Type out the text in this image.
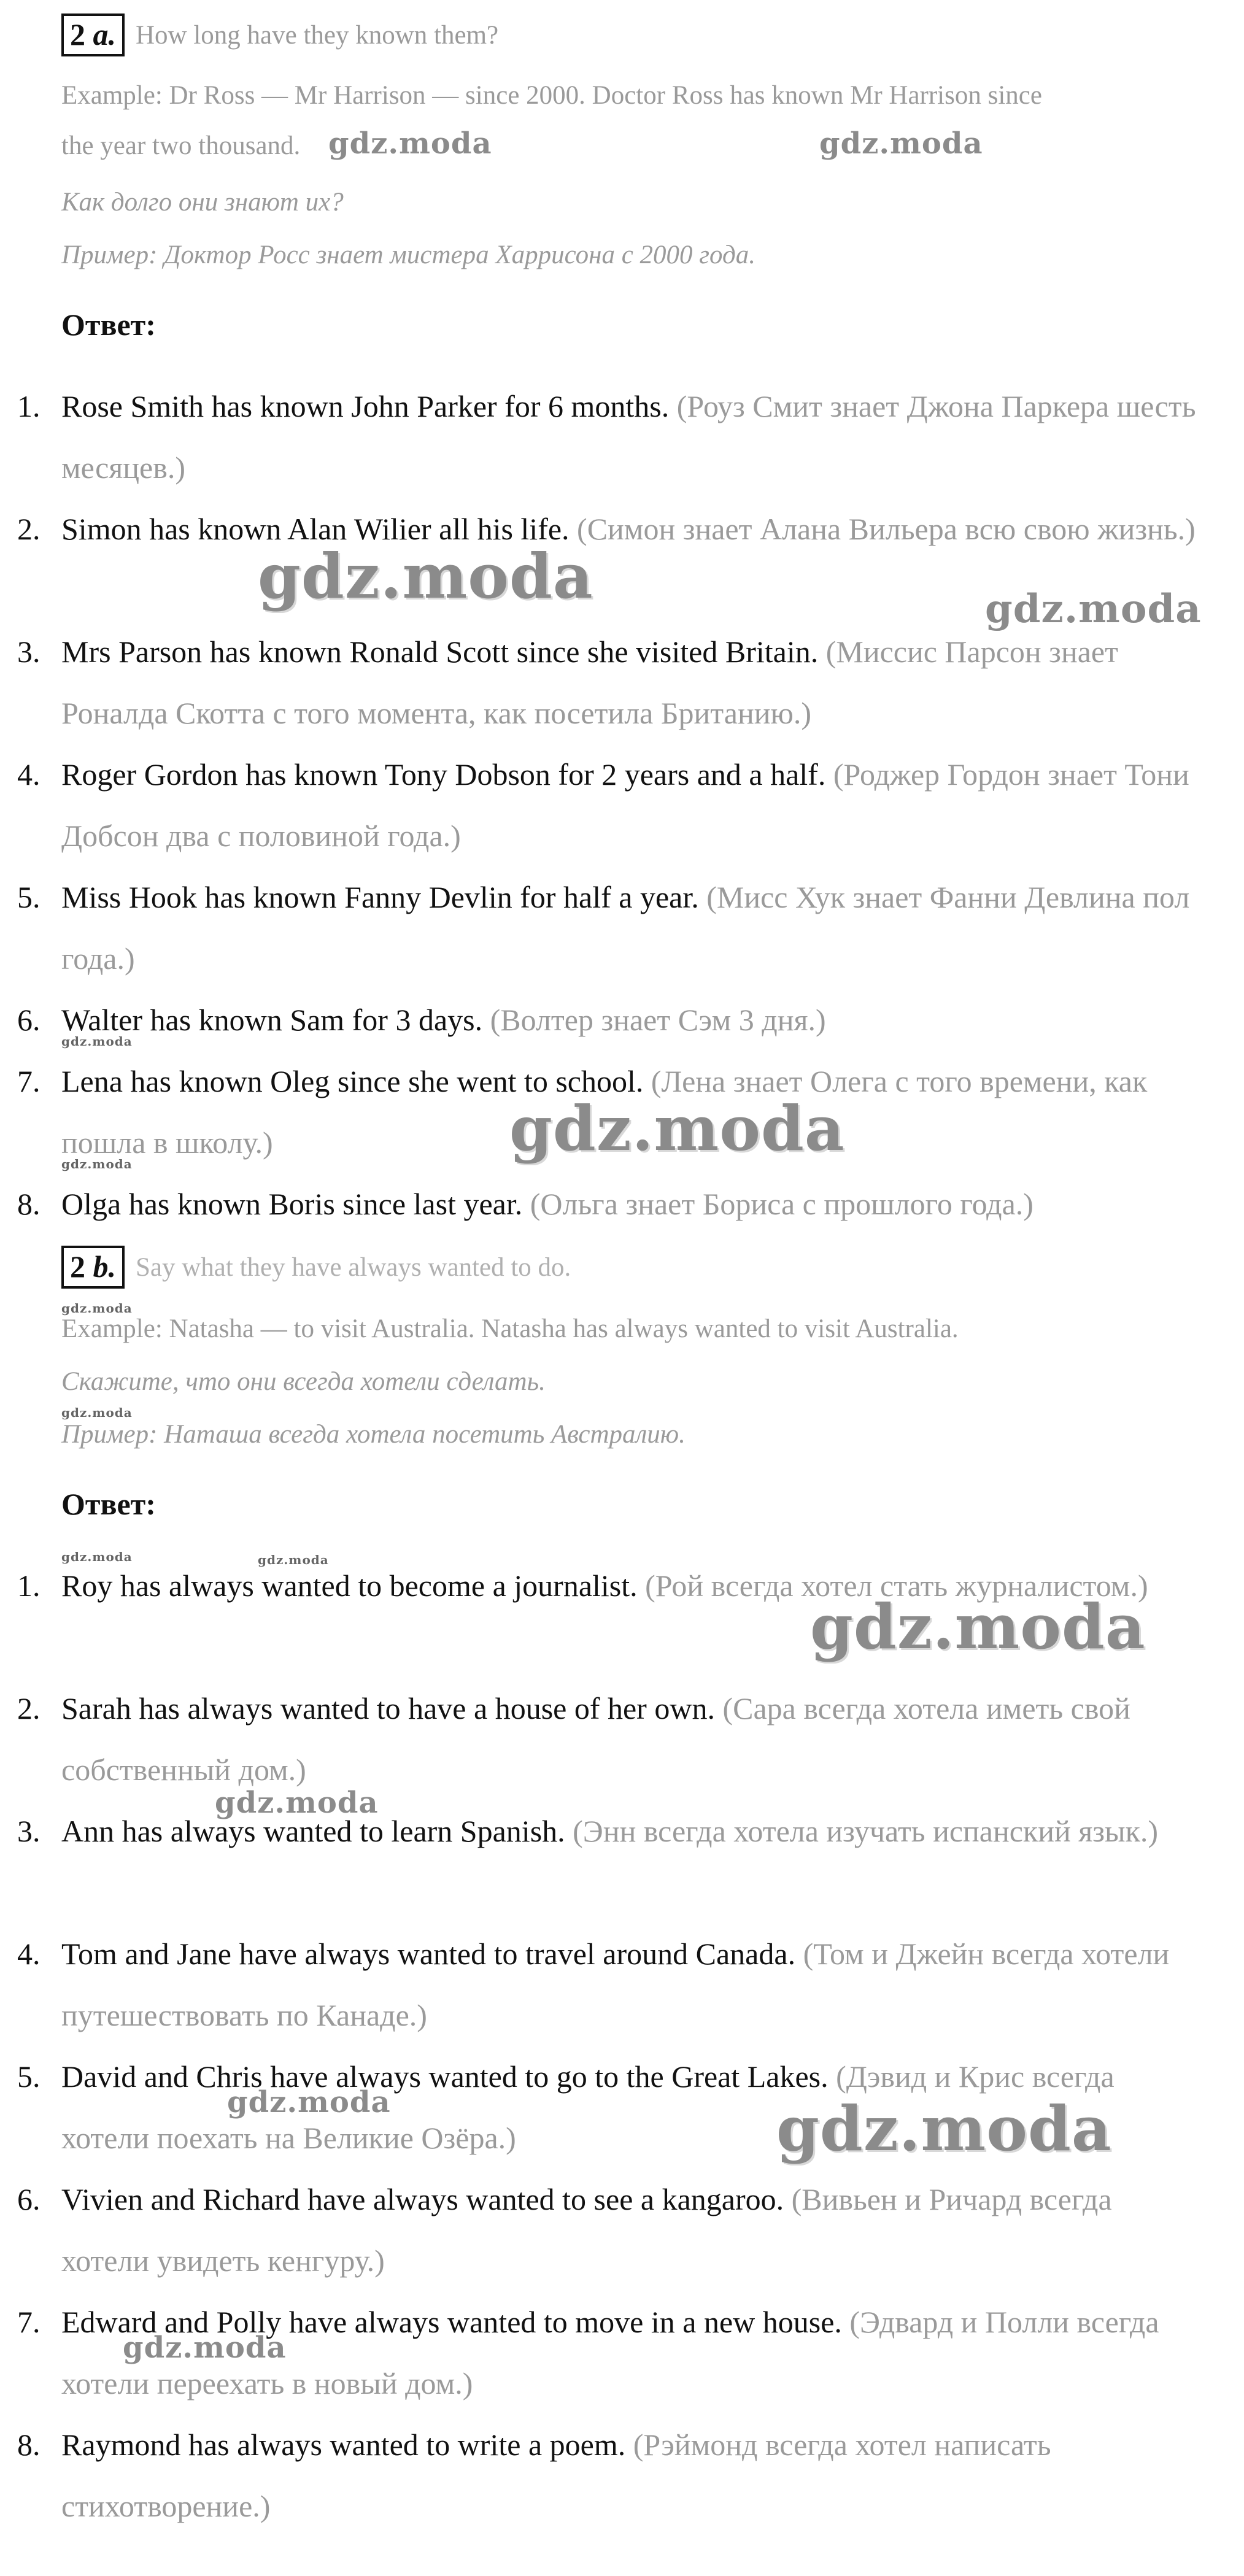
2 a. How long have they known them?
Example: Dr Ross — Mr Harrison — since 2000. Doctor Ross has known Mr Harrison since
the year two thousand.
Как долго они знают их?
Пример: Доктор Росс знает мистера Харрисона с 2000 года.
Ответ:
1. Rose Smith has known John Parker for 6 months. (Роуз Смит знает Джона Паркера шесть месяцев.)
2. Simon has known Alan Wilier all his life. (Симон знает Алана Вильера всю свою жизнь.)
3. Mrs Parson has known Ronald Scott since she visited Britain. (Миссис Парсон знает Роналда Скотта с того момента, как посетила Британию.)
4. Roger Gordon has known Tony Dobson for 2 years and a half. (Роджер Гордон знает Тони Добсон два с половиной года.)
5. Miss Hook has known Fanny Devlin for half a year. (Мисс Хук знает Фанни Девлина пол года.)
6. Walter has known Sam for 3 days. (Волтер знает Сэм 3 дня.)
7. Lena has known Oleg since she went to school. (Лена знает Олега с того времени, как пошла в школу.)
8. Olga has known Boris since last year. (Ольга знает Бориса с прошлого года.)
2 b. Say what they have always wanted to do.
Example: Natasha — to visit Australia. Natasha has always wanted to visit Australia.
Скажите, что они всегда хотели сделать.
Пример: Наташа всегда хотела посетить Австралию.
Ответ:
1. Roy has always wanted to become a journalist. (Рой всегда хотел стать журналистом.)
2. Sarah has always wanted to have a house of her own. (Сара всегда хотела иметь свой собственный дом.)
3. Ann has always wanted to learn Spanish. (Энн всегда хотела изучать испанский язык.)
4. Tom and Jane have always wanted to travel around Canada. (Том и Джейн всегда хотели путешествовать по Канаде.)
5. David and Chris have always wanted to go to the Great Lakes. (Дэвид и Крис всегда хотели поехать на Великие Озёра.)
6. Vivien and Richard have always wanted to see a kangaroo. (Вивьен и Ричард всегда хотели увидеть кенгуру.)
7. Edward and Polly have always wanted to move in a new house. (Эдвард и Полли всегда хотели переехать в новый дом.)
8. Raymond has always wanted to write a poem. (Рэймонд всегда хотел написать стихотворение.)
gdz.moda	gdz.moda
gdz.moda	gdz.moda
gdz.moda
gdz.moda
gdz.moda
gdz.moda
gdz.moda
gdz.moda	gdz.moda
gdz.moda
gdz.moda
gdz.moda	gdz.moda
gdz.moda
